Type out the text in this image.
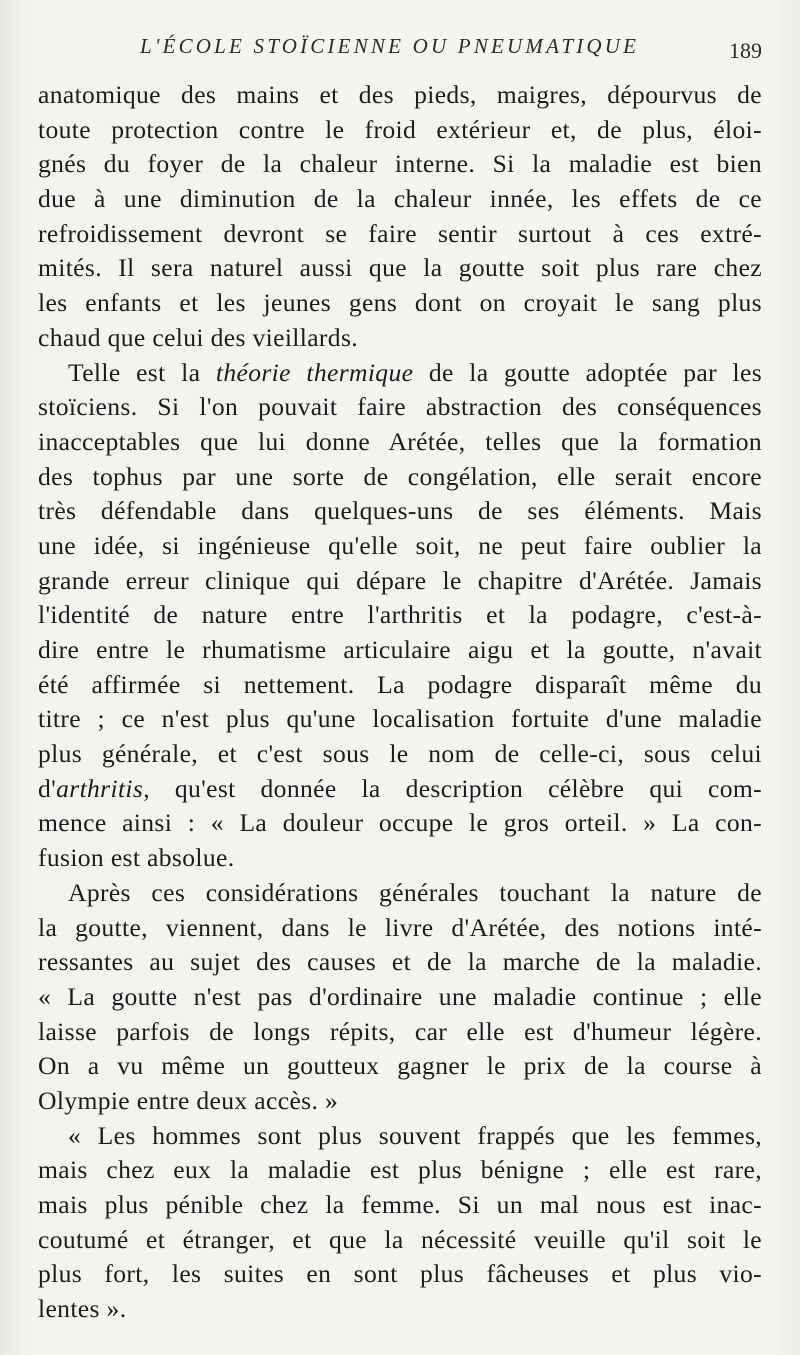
L'ÉCOLE STOÏCIENNE OU PNEUMATIQUE	189
anatomique des mains et des pieds, maigres, dépourvus de
toute protection contre le froid extérieur et, de plus, éloi-
gnés du foyer de la chaleur interne. Si la maladie est bien
due à une diminution de la chaleur innée, les effets de ce
refroidissement devront se faire sentir surtout à ces extré-
mités. Il sera naturel aussi que la goutte soit plus rare chez
les enfants et les jeunes gens dont on croyait le sang plus
chaud que celui des vieillards.
Telle est la théorie thermique de la goutte adoptée par les
stoïciens. Si l'on pouvait faire abstraction des conséquences
inacceptables que lui donne Arétée, telles que la formation
des tophus par une sorte de congélation, elle serait encore
très défendable dans quelques-uns de ses éléments. Mais
une idée, si ingénieuse qu'elle soit, ne peut faire oublier la
grande erreur clinique qui dépare le chapitre d'Arétée. Jamais
l'identité de nature entre l'arthritis et la podagre, c'est-à-
dire entre le rhumatisme articulaire aigu et la goutte, n'avait
été affirmée si nettement. La podagre disparaît même du
titre ; ce n'est plus qu'une localisation fortuite d'une maladie
plus générale, et c'est sous le nom de celle-ci, sous celui
d'arthritis, qu'est donnée la description célèbre qui com-
mence ainsi : « La douleur occupe le gros orteil. » La con-
fusion est absolue.
Après ces considérations générales touchant la nature de
la goutte, viennent, dans le livre d'Arétée, des notions inté-
ressantes au sujet des causes et de la marche de la maladie.
« La goutte n'est pas d'ordinaire une maladie continue ; elle
laisse parfois de longs répits, car elle est d'humeur légère.
On a vu même un goutteux gagner le prix de la course à
Olympie entre deux accès. »
« Les hommes sont plus souvent frappés que les femmes,
mais chez eux la maladie est plus bénigne ; elle est rare,
mais plus pénible chez la femme. Si un mal nous est inac-
coutumé et étranger, et que la nécessité veuille qu'il soit le
plus fort, les suites en sont plus fâcheuses et plus vio-
lentes ».
